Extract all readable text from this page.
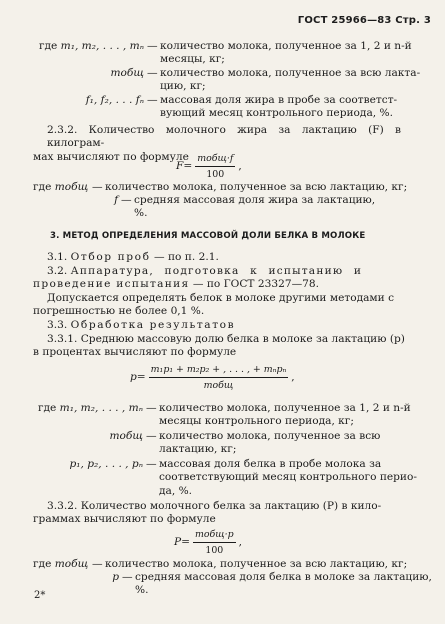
ГОСТ 25966—83 Стр. 3
где m₁, m₂, . . . , mₙ — количество молока, полученное за 1, 2 и n-й
месяцы, кг;
mобщ — количество молока, полученное за всю лакта-
цию, кг;
f₁, f₂, . . . fₙ — массовая доля жира в пробе за соответст-
вующий месяц контрольного периода, %.
2.3.2. Количество молочного жира за лактацию (F) в килограм-
мах вычисляют по формуле
$F= \frac{\text{mобщ·f}}{100}$ ,
где mобщ — количество молока, полученное за всю лактацию, кг;
f — средняя массовая доля жира за лактацию,
%.
3. МЕТОД ОПРЕДЕЛЕНИЯ МАССОВОЙ ДОЛИ БЕЛКА В МОЛОКЕ
3.1. Отбор проб — по п. 2.1.
3.2.
Аппаратура, подготовка к испытанию и
проведение испытания — по ГОСТ 23327—78.
Допускается определять белок в молоке другими методами с
погрешностью не более 0,1 %.
3.3. Обработка результатов
3.3.1. Среднюю массовую долю белка в молоке за лактацию (p)
в процентах вычисляют по формуле
$p= \frac{\text{m₁p₁ + m₂p₂ + , . . . , + mₙpₙ}}{\text{mобщ}}$ ,
где m₁, m₂, . . . , mₙ — количество молока, полученное за 1, 2 и n-й
месяцы контрольного периода, кг;
mобщ — количество молока, полученное за всю
лактацию, кг;
p₁, p₂, . . . , pₙ — массовая доля белка в пробе молока за
соответствующий месяц контрольного перио-
да, %.
3.3.2. Количество молочного белка за лактацию (P) в кило-
граммах вычисляют по формуле
$P= \frac{\text{mобщ·p}}{100}$ ,
где mобщ — количество молока, полученное за всю лактацию, кг;
p — средняя массовая доля белка в молоке за лактацию,
%.
2*
